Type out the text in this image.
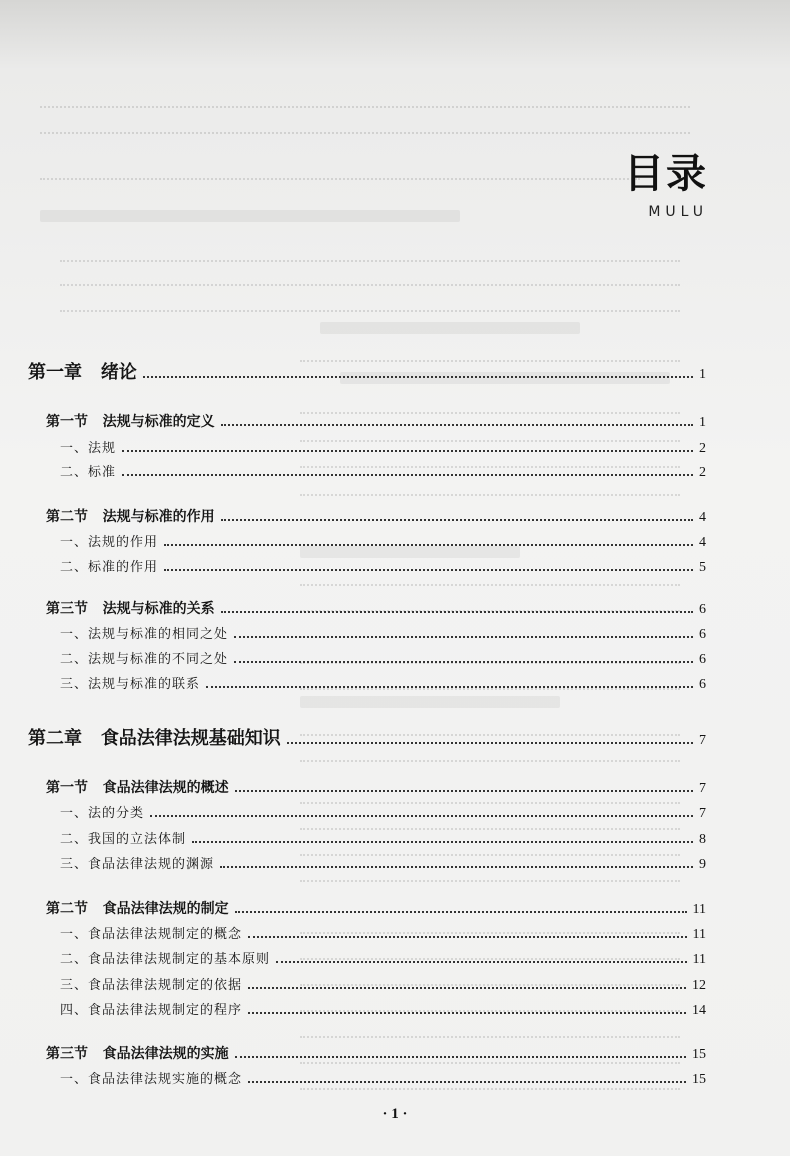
目录
MULU
第一章 绪论	1
第一节 法规与标准的定义	1
一、法规	2
二、标准	2
第二节 法规与标准的作用	4
一、法规的作用	4
二、标准的作用	5
第三节 法规与标准的关系	6
一、法规与标准的相同之处	6
二、法规与标准的不同之处	6
三、法规与标准的联系	6
第二章 食品法律法规基础知识	7
第一节 食品法律法规的概述	7
一、法的分类	7
二、我国的立法体制	8
三、食品法律法规的渊源	9
第二节 食品法律法规的制定	11
一、食品法律法规制定的概念	11
二、食品法律法规制定的基本原则	11
三、食品法律法规制定的依据	12
四、食品法律法规制定的程序	14
第三节 食品法律法规的实施	15
一、食品法律法规实施的概念	15
· 1 ·
